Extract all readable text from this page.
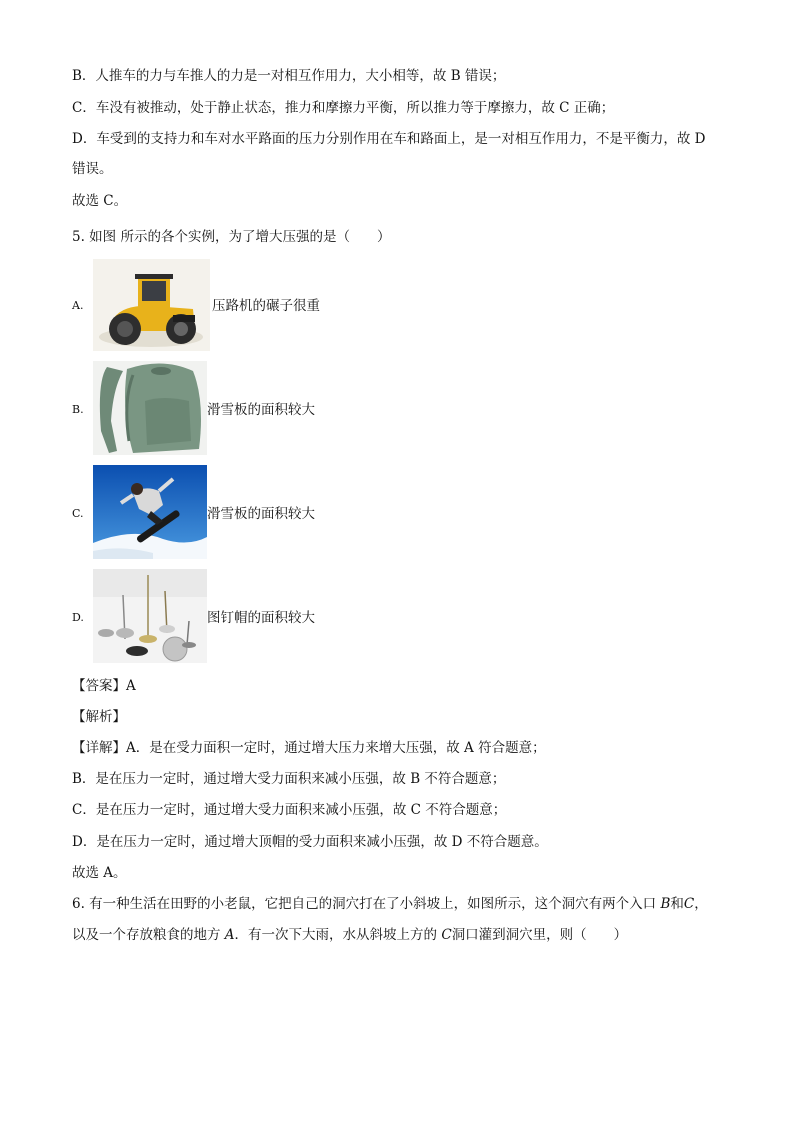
B．人推车的力与车推人的力是一对相互作用力，大小相等，故 B 错误；
C．车没有被推动，处于静止状态，推力和摩擦力平衡，所以推力等于摩擦力，故 C 正确；
D．车受到的支持力和车对水平路面的压力分别作用在车和路面上，是一对相互作用力，不是平衡力，故 D
错误。
故选 C。
5. 如图 所示的各个实例，为了增大压强的是（　　）
A.	压路机的碾子很重
B.	滑雪板的面积较大
C.	滑雪板的面积较大
D.	图钉帽的面积较大
【答案】A
【解析】
【详解】A．是在受力面积一定时，通过增大压力来增大压强，故 A 符合题意；
B．是在压力一定时，通过增大受力面积来减小压强，故 B 不符合题意；
C．是在压力一定时，通过增大受力面积来减小压强，故 C 不符合题意；
D．是在压力一定时，通过增大顶帽的受力面积来减小压强，故 D 不符合题意。
故选 A。
6. 有一种生活在田野的小老鼠，它把自己的洞穴打在了小斜坡上，如图所示，这个洞穴有两个入口 B和C，
以及一个存放粮食的地方 A．有一次下大雨，水从斜坡上方的 C洞口灌到洞穴里，则（　　）
